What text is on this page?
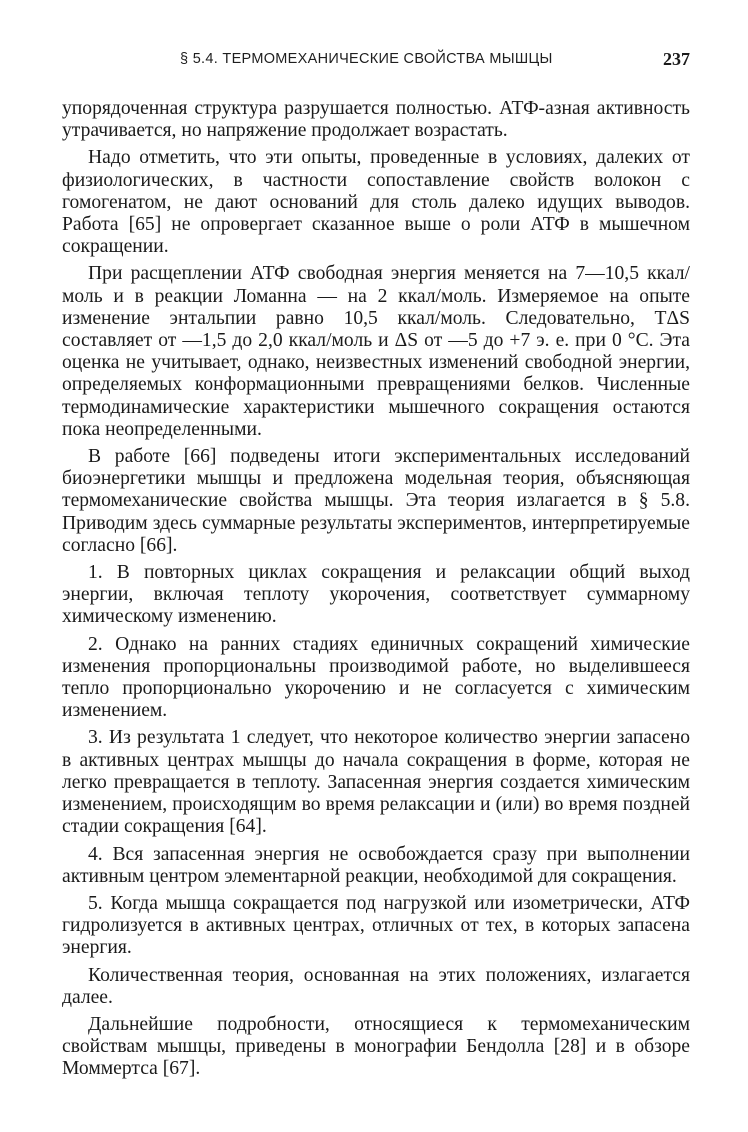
§ 5.4. ТЕРМОМЕХАНИЧЕСКИЕ СВОЙСТВА МЫШЦЫ	237

упорядоченная структура разрушается полностью. АТФ-азная активность утрачивается, но напряжение продолжает возрастать.

Надо отметить, что эти опыты, проведенные в условиях, далеких от физиологических, в частности сопоставление свойств волокон с гомогенатом, не дают оснований для столь далеко идущих выводов. Работа [65] не опровергает сказанное выше о роли АТФ в мышечном сокращении.

При расщеплении АТФ свободная энергия меняется на 7—10,5 ккал/моль и в реакции Ломанна — на 2 ккал/моль. Измеряемое на опыте изменение энтальпии равно 10,5 ккал/моль. Следовательно, TΔS составляет от —1,5 до 2,0 ккал/моль и ΔS от —5 до +7 э. е. при 0 °С. Эта оценка не учитывает, однако, неизвестных изменений свободной энергии, определяемых конформационными превращениями белков. Численные термодинамические характеристики мышечного сокращения остаются пока неопределенными.

В работе [66] подведены итоги экспериментальных исследований биоэнергетики мышцы и предложена модельная теория, объясняющая термомеханические свойства мышцы. Эта теория излагается в § 5.8. Приводим здесь суммарные результаты экспериментов, интерпретируемые согласно [66].

1. В повторных циклах сокращения и релаксации общий выход энергии, включая теплоту укорочения, соответствует суммарному химическому изменению.

2. Однако на ранних стадиях единичных сокращений химические изменения пропорциональны производимой работе, но выделившееся тепло пропорционально укорочению и не согласуется с химическим изменением.

3. Из результата 1 следует, что некоторое количество энергии запасено в активных центрах мышцы до начала сокращения в форме, которая не легко превращается в теплоту. Запасенная энергия создается химическим изменением, происходящим во время релаксации и (или) во время поздней стадии сокращения [64].

4. Вся запасенная энергия не освобождается сразу при выполнении активным центром элементарной реакции, необходимой для сокращения.

5. Когда мышца сокращается под нагрузкой или изометрически, АТФ гидролизуется в активных центрах, отличных от тех, в которых запасена энергия.

Количественная теория, основанная на этих положениях, излагается далее.

Дальнейшие подробности, относящиеся к термомеханическим свойствам мышцы, приведены в монографии Бендолла [28] и в обзоре Моммертса [67].
